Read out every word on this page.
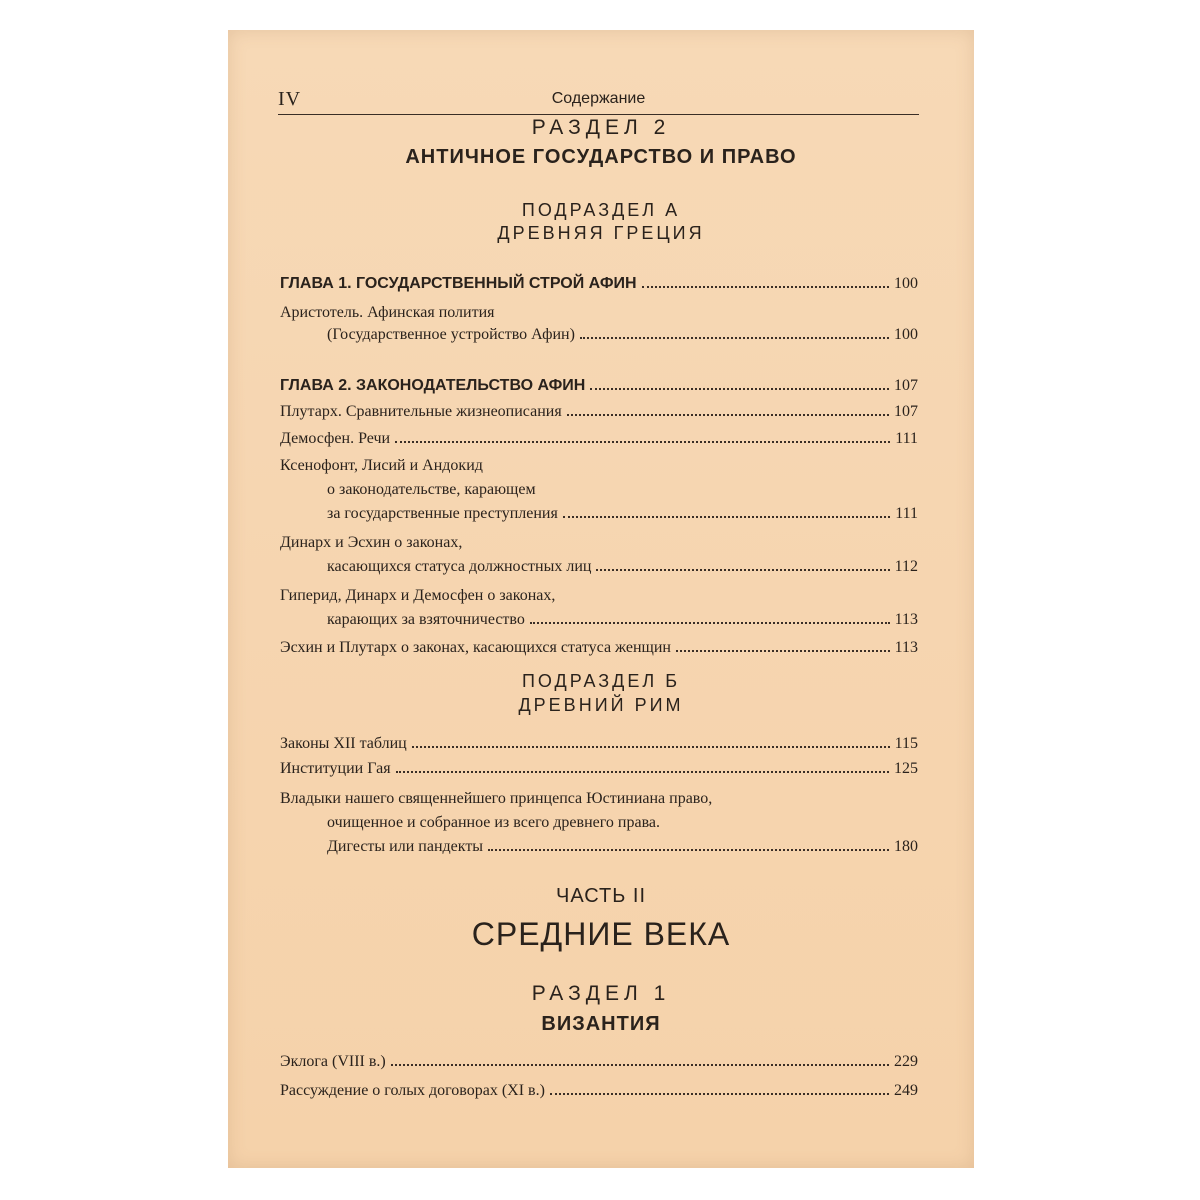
IV	Содержание
РАЗДЕЛ 2
АНТИЧНОЕ ГОСУДАРСТВО И ПРАВО
ПОДРАЗДЕЛ А
ДРЕВНЯЯ ГРЕЦИЯ
ГЛАВА 1. ГОСУДАРСТВЕННЫЙ СТРОЙ АФИН	100
Аристотель. Афинская полития
(Государственное устройство Афин)	100
ГЛАВА 2. ЗАКОНОДАТЕЛЬСТВО АФИН	107
Плутарх. Сравнительные жизнеописания	107
Демосфен. Речи	111
Ксенофонт, Лисий и Андокид
о законодательстве, карающем
за государственные преступления	111
Динарх и Эсхин о законах,
касающихся статуса должностных лиц	112
Гиперид, Динарх и Демосфен о законах,
карающих за взяточничество	113
Эсхин и Плутарх о законах, касающихся статуса женщин	113
ПОДРАЗДЕЛ Б
ДРЕВНИЙ РИМ
Законы XII таблиц	115
Институции Гая	125
Владыки нашего священнейшего принцепса Юстиниана право,
очищенное и собранное из всего древнего права.
Дигесты или пандекты	180
ЧАСТЬ II
СРЕДНИЕ ВЕКА
РАЗДЕЛ 1
ВИЗАНТИЯ
Эклога (VIII в.)	229
Рассуждение о голых договорах (XI в.)	249
